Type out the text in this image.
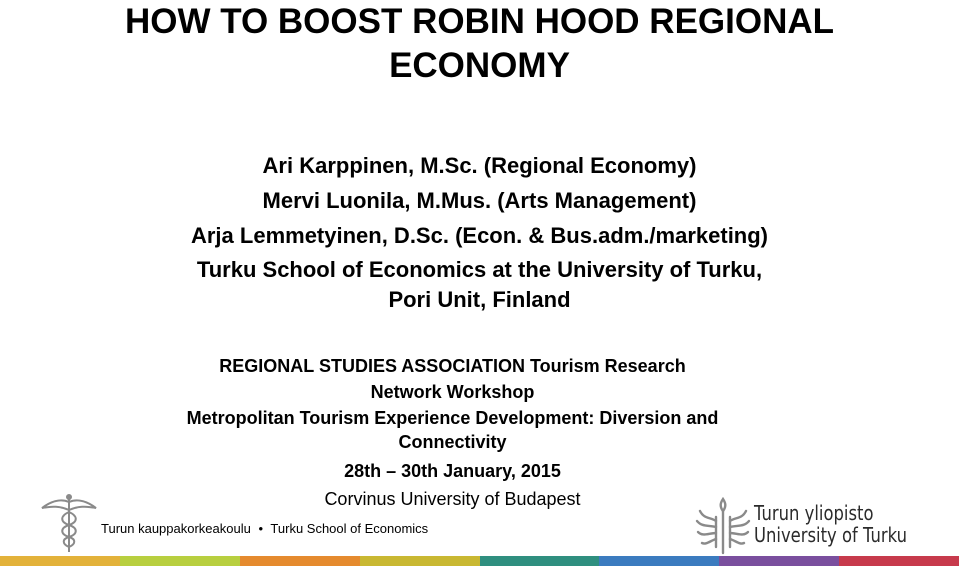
HOW TO BOOST ROBIN HOOD REGIONAL
ECONOMY
Ari Karppinen, M.Sc. (Regional Economy)
Mervi Luonila, M.Mus. (Arts Management)
Arja Lemmetyinen, D.Sc. (Econ. & Bus.adm./marketing)
Turku School of Economics at the University of Turku,
Pori Unit, Finland
REGIONAL STUDIES ASSOCIATION Tourism Research
Network Workshop
Metropolitan Tourism Experience Development: Diversion and
Connectivity
28th – 30th January, 2015
Corvinus University of Budapest
Turun kauppakorkeakoulu • Turku School of Economics
Turun yliopisto
University of Turku
